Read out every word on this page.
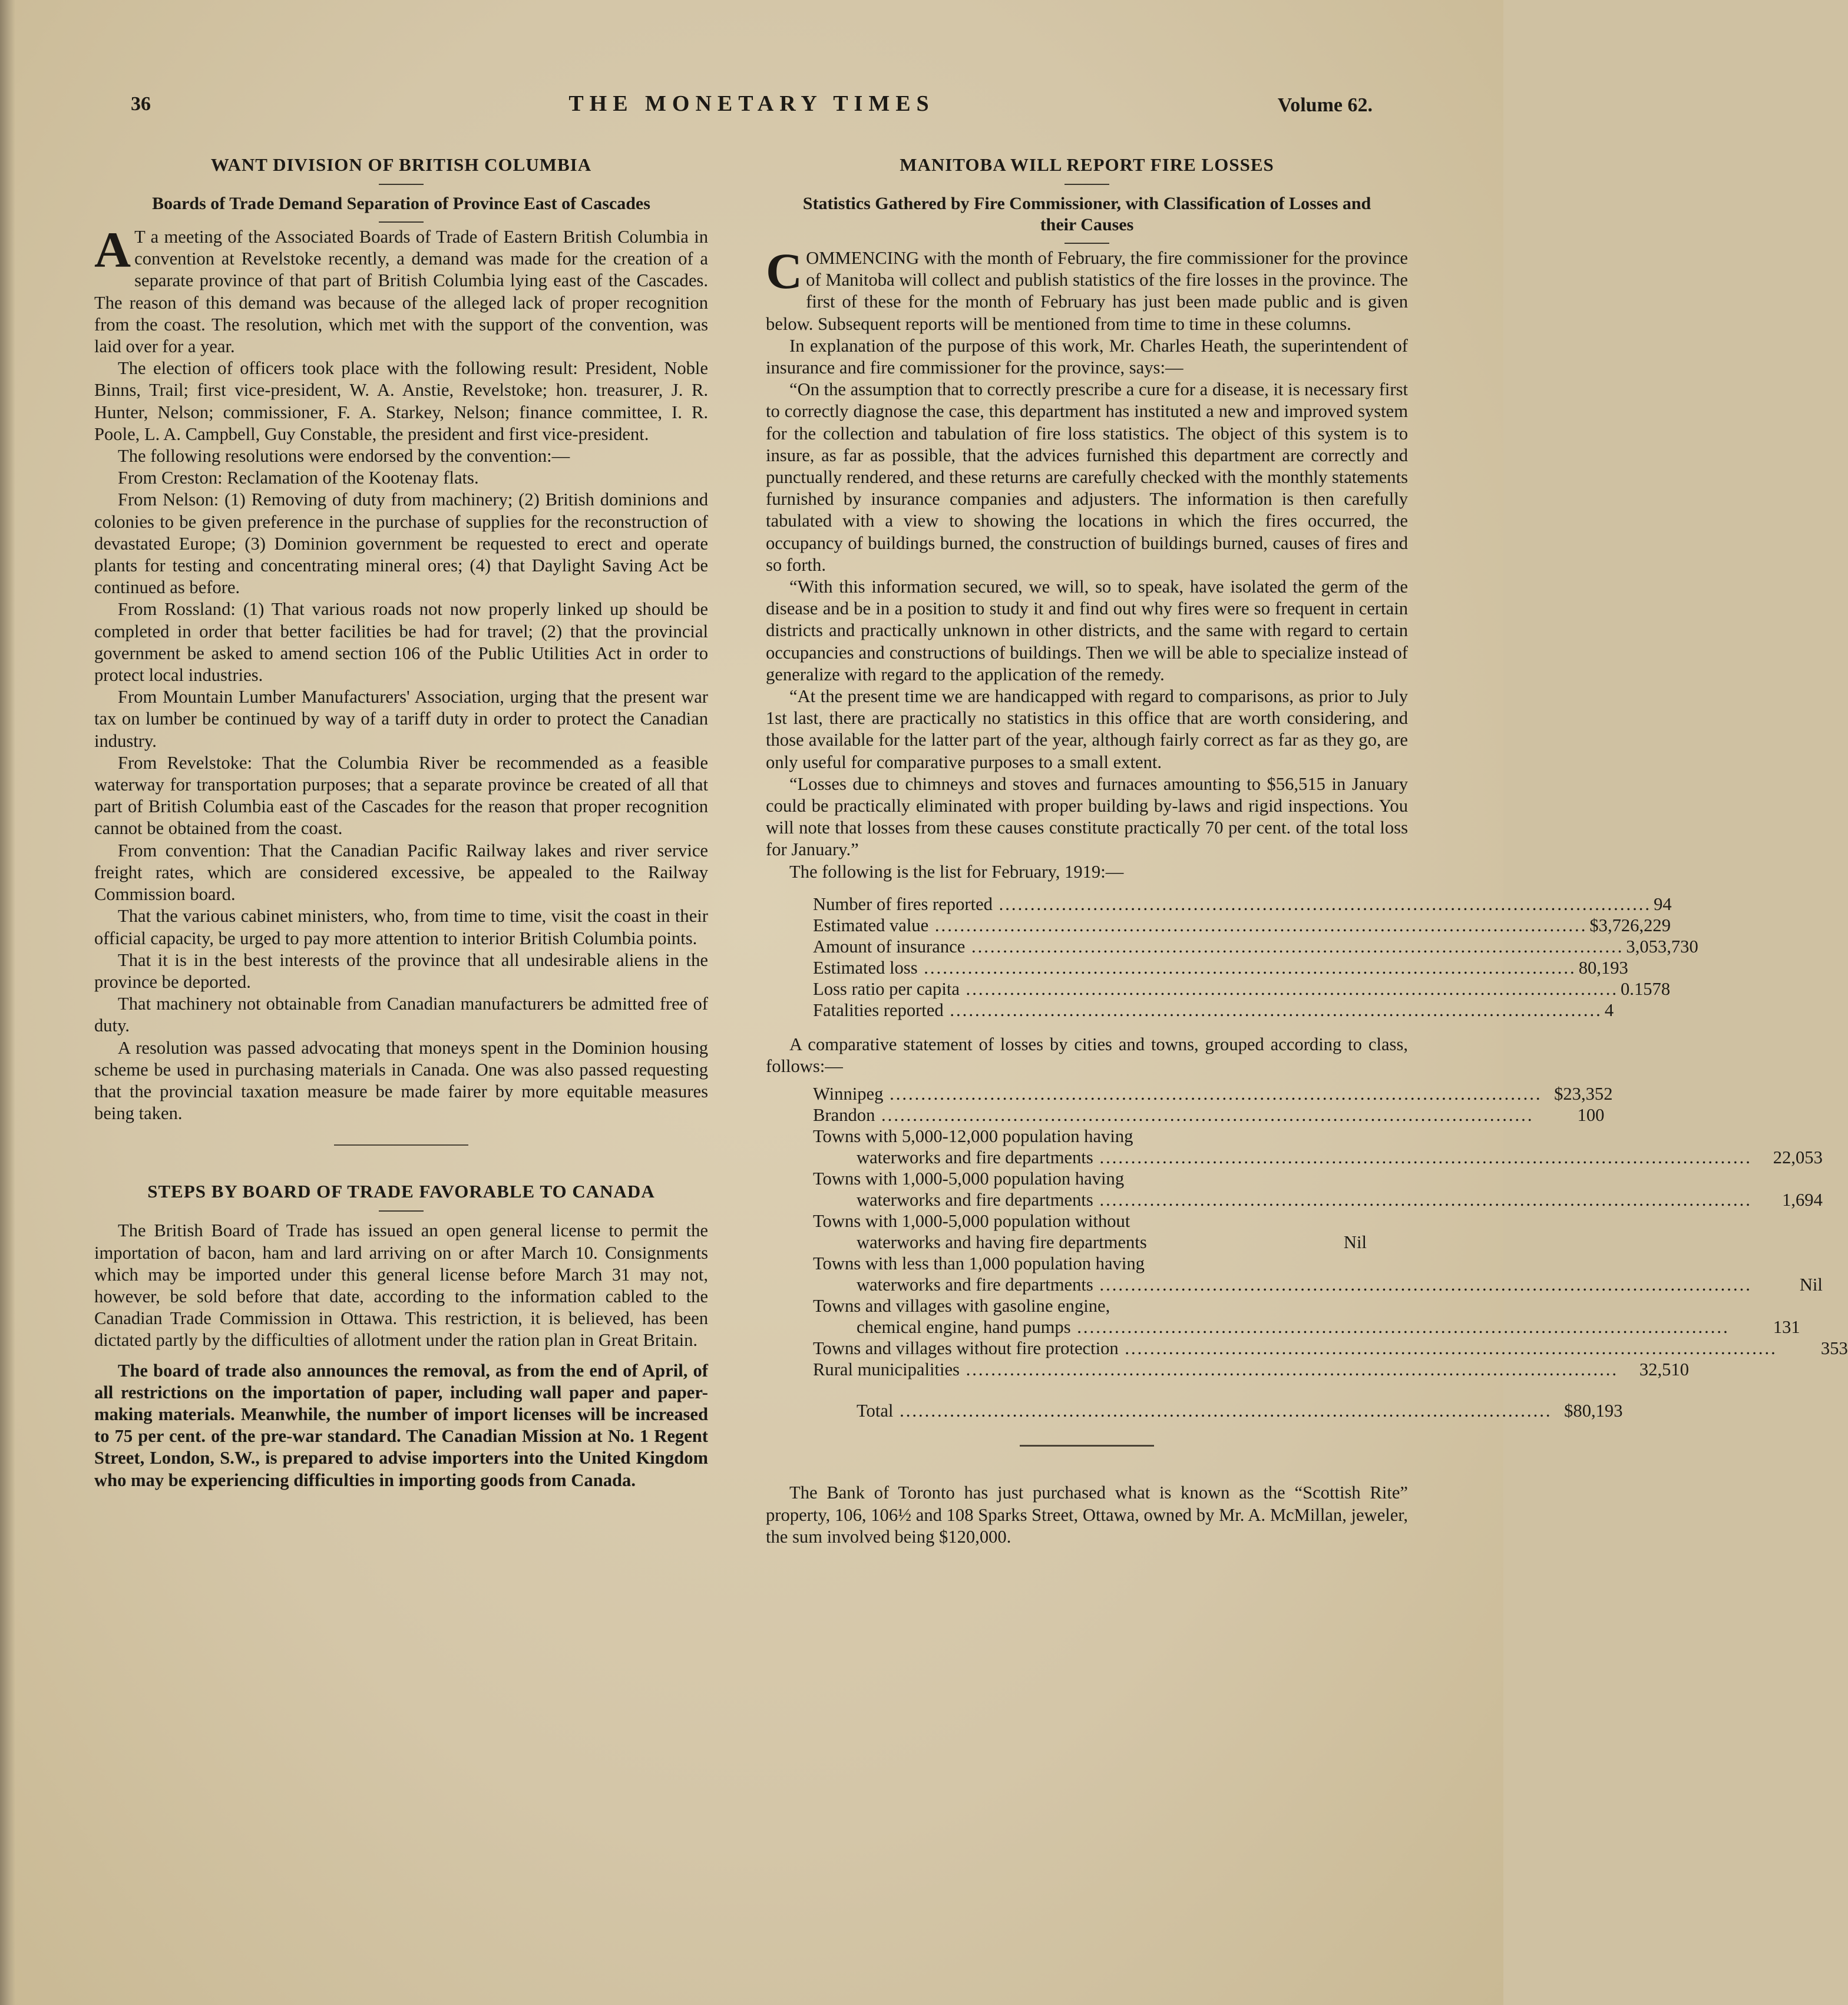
36	THE MONETARY TIMES	Volume 62.
WANT DIVISION OF BRITISH COLUMBIA
Boards of Trade Demand Separation of Province East of Cascades

A T a meeting of the Associated Boards of Trade of Eastern British Columbia in convention at Revelstoke recently, a demand was made for the creation of a separate province of that part of British Columbia lying east of the Cascades. The reason of this demand was because of the alleged lack of proper recognition from the coast. The resolution, which met with the support of the convention, was laid over for a year.

The election of officers took place with the following result: President, Noble Binns, Trail; first vice-president, W. A. Anstie, Revelstoke; hon. treasurer, J. R. Hunter, Nelson; commissioner, F. A. Starkey, Nelson; finance committee, I. R. Poole, L. A. Campbell, Guy Constable, the president and first vice-president.

The following resolutions were endorsed by the convention:—

From Creston: Reclamation of the Kootenay flats.

From Nelson: (1) Removing of duty from machinery; (2) British dominions and colonies to be given preference in the purchase of supplies for the reconstruction of devastated Europe; (3) Dominion government be requested to erect and operate plants for testing and concentrating mineral ores; (4) that Daylight Saving Act be continued as before.

From Rossland: (1) That various roads not now properly linked up should be completed in order that better facilities be had for travel; (2) that the provincial government be asked to amend section 106 of the Public Utilities Act in order to protect local industries.

From Mountain Lumber Manufacturers' Association, urging that the present war tax on lumber be continued by way of a tariff duty in order to protect the Canadian industry.

From Revelstoke: That the Columbia River be recommended as a feasible waterway for transportation purposes; that a separate province be created of all that part of British Columbia east of the Cascades for the reason that proper recognition cannot be obtained from the coast.

From convention: That the Canadian Pacific Railway lakes and river service freight rates, which are considered excessive, be appealed to the Railway Commission board.

That the various cabinet ministers, who, from time to time, visit the coast in their official capacity, be urged to pay more attention to interior British Columbia points.

That it is in the best interests of the province that all undesirable aliens in the province be deported.

That machinery not obtainable from Canadian manufacturers be admitted free of duty.

A resolution was passed advocating that moneys spent in the Dominion housing scheme be used in purchasing materials in Canada. One was also passed requesting that the provincial taxation measure be made fairer by more equitable measures being taken.

STEPS BY BOARD OF TRADE FAVORABLE TO CANADA

The British Board of Trade has issued an open general license to permit the importation of bacon, ham and lard arriving on or after March 10. Consignments which may be imported under this general license before March 31 may not, however, be sold before that date, according to the information cabled to the Canadian Trade Commission in Ottawa. This restriction, it is believed, has been dictated partly by the difficulties of allotment under the ration plan in Great Britain.

The board of trade also announces the removal, as from the end of April, of all restrictions on the importation of paper, including wall paper and paper-making materials. Meanwhile, the number of import licenses will be increased to 75 per cent. of the pre-war standard. The Canadian Mission at No. 1 Regent Street, London, S.W., is prepared to advise importers into the United Kingdom who may be experiencing difficulties in importing goods from Canada.

MANITOBA WILL REPORT FIRE LOSSES
Statistics Gathered by Fire Commissioner, with Classification of Losses and their Causes

COMMENCING with the month of February, the fire commissioner for the province of Manitoba will collect and publish statistics of the fire losses in the province. The first of these for the month of February has just been made public and is given below. Subsequent reports will be mentioned from time to time in these columns.

In explanation of the purpose of this work, Mr. Charles Heath, the superintendent of insurance and fire commissioner for the province, says:—

“On the assumption that to correctly prescribe a cure for a disease, it is necessary first to correctly diagnose the case, this department has instituted a new and improved system for the collection and tabulation of fire loss statistics. The object of this system is to insure, as far as possible, that the advices furnished this department are correctly and punctually rendered, and these returns are carefully checked with the monthly statements furnished by insurance companies and adjusters. The information is then carefully tabulated with a view to showing the locations in which the fires occurred, the occupancy of buildings burned, the construction of buildings burned, causes of fires and so forth.

“With this information secured, we will, so to speak, have isolated the germ of the disease and be in a position to study it and find out why fires were so frequent in certain districts and practically unknown in other districts, and the same with regard to certain occupancies and constructions of buildings. Then we will be able to specialize instead of generalize with regard to the application of the remedy.

“At the present time we are handicapped with regard to comparisons, as prior to July 1st last, there are practically no statistics in this office that are worth considering, and those available for the latter part of the year, although fairly correct as far as they go, are only useful for comparative purposes to a small extent.

“Losses due to chimneys and stoves and furnaces amounting to $56,515 in January could be practically eliminated with proper building by-laws and rigid inspections. You will note that losses from these causes constitute practically 70 per cent. of the total loss for January.”

The following is the list for February, 1919:—

Number of fires reported .....	94
Estimated value .....	$3,726,229
Amount of insurance .....	3,053,730
Estimated loss .....	80,193
Loss ratio per capita .....	0.1578
Fatalities reported .....	4

A comparative statement of losses by cities and towns, grouped according to class, follows:—

Winnipeg .....	$23,352
Brandon .....	100
Towns with 5,000-12,000 population having
waterworks and fire departments .....	22,053
Towns with 1,000-5,000 population having
waterworks and fire departments .....	1,694
Towns with 1,000-5,000 population without
waterworks and having fire departments	Nil
Towns with less than 1,000 population having
waterworks and fire departments .....	Nil
Towns and villages with gasoline engine,
chemical engine, hand pumps .....	131
Towns and villages without fire protection .....	353
Rural municipalities .....	32,510
Total .....	$80,193

The Bank of Toronto has just purchased what is known as the “Scottish Rite” property, 106, 106½ and 108 Sparks Street, Ottawa, owned by Mr. A. McMillan, jeweler, the sum involved being $120,000.
